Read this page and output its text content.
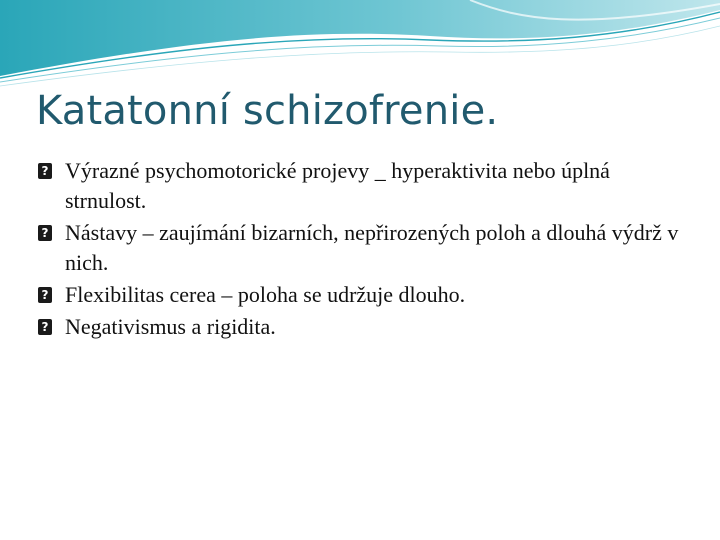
Katatonní schizofrenie.
? Výrazné psychomotorické projevy _ hyperaktivita nebo úplná strnulost.
? Nástavy – zaujímání bizarních, nepřirozených poloh a dlouhá výdrž v nich.
? Flexibilitas cerea – poloha se udržuje dlouho.
? Negativismus a rigidita.
